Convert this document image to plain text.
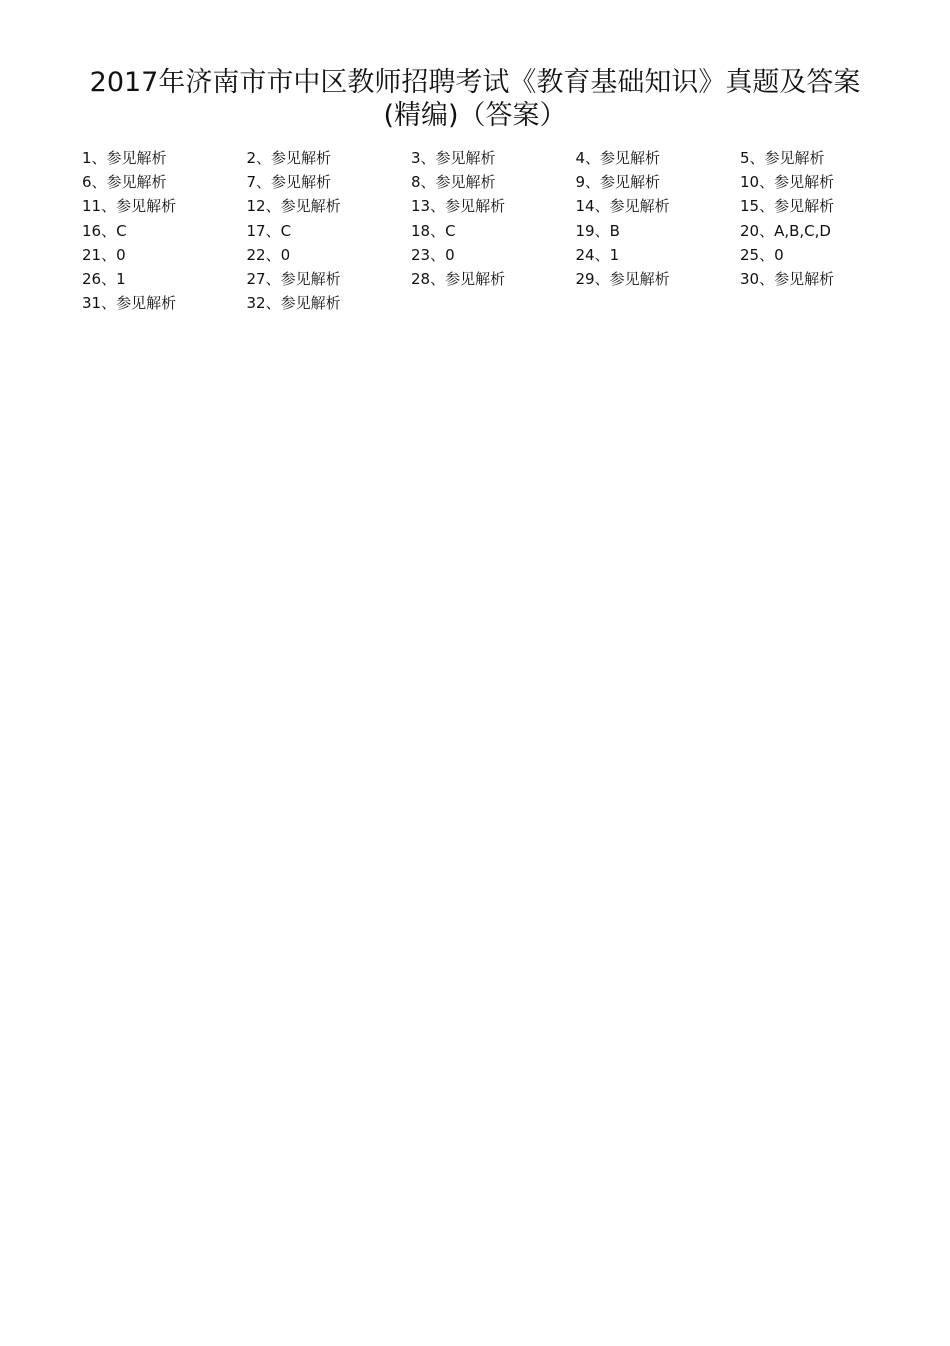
2017年济南市市中区教师招聘考试《教育基础知识》真题及答案
(精编)（答案）
1、参见解析	2、参见解析	3、参见解析	4、参见解析	5、参见解析
6、参见解析	7、参见解析	8、参见解析	9、参见解析	10、参见解析
11、参见解析	12、参见解析	13、参见解析	14、参见解析	15、参见解析
16、C	17、C	18、C	19、B	20、A,B,C,D
21、0	22、0	23、0	24、1	25、0
26、1	27、参见解析	28、参见解析	29、参见解析	30、参见解析
31、参见解析	32、参见解析
